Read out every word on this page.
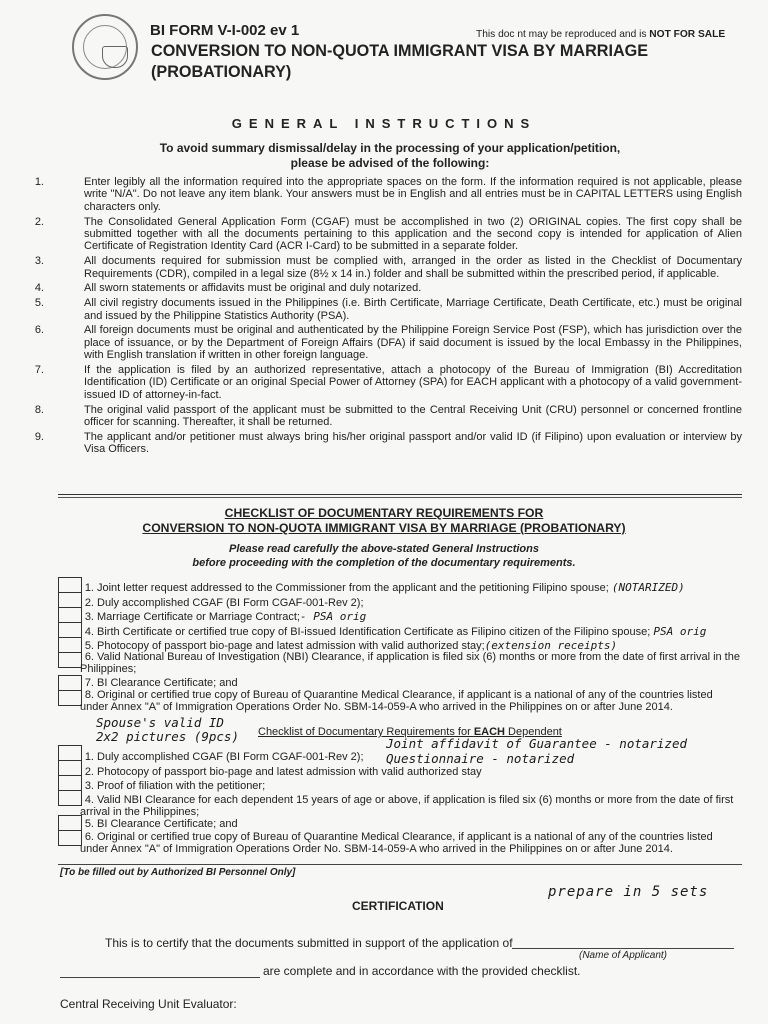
BI FORM V-I-002 ev 1	This doc nt may be reproduced and is NOT FOR SALE
CONVERSION TO NON-QUOTA IMMIGRANT VISA BY MARRIAGE
(PROBATIONARY)
GENERAL INSTRUCTIONS
To avoid summary dismissal/delay in the processing of your application/petition,
please be advised of the following:
1.	Enter legibly all the information required into the appropriate spaces on the form. If the information required is not applicable, please write "N/A". Do not leave any item blank. Your answers must be in English and all entries must be in CAPITAL LETTERS using English characters only.
2.	The Consolidated General Application Form (CGAF) must be accomplished in two (2) ORIGINAL copies. The first copy shall be submitted together with all the documents pertaining to this application and the second copy is intended for application of Alien Certificate of Registration Identity Card (ACR I-Card) to be submitted in a separate folder.
3.	All documents required for submission must be complied with, arranged in the order as listed in the Checklist of Documentary Requirements (CDR), compiled in a legal size (8½ x 14 in.) folder and shall be submitted within the prescribed period, if applicable.
4.	All sworn statements or affidavits must be original and duly notarized.
5.	All civil registry documents issued in the Philippines (i.e. Birth Certificate, Marriage Certificate, Death Certificate, etc.) must be original and issued by the Philippine Statistics Authority (PSA).
6.	All foreign documents must be original and authenticated by the Philippine Foreign Service Post (FSP), which has jurisdiction over the place of issuance, or by the Department of Foreign Affairs (DFA) if said document is issued by the local Embassy in the Philippines, with English translation if written in other foreign language.
7.	If the application is filed by an authorized representative, attach a photocopy of the Bureau of Immigration (BI) Accreditation Identification (ID) Certificate or an original Special Power of Attorney (SPA) for EACH applicant with a photocopy of a valid government-issued ID of attorney-in-fact.
8.	The original valid passport of the applicant must be submitted to the Central Receiving Unit (CRU) personnel or concerned frontline officer for scanning. Thereafter, it shall be returned.
9.	The applicant and/or petitioner must always bring his/her original passport and/or valid ID (if Filipino) upon evaluation or interview by Visa Officers.
CHECKLIST OF DOCUMENTARY REQUIREMENTS FOR
CONVERSION TO NON-QUOTA IMMIGRANT VISA BY MARRIAGE (PROBATIONARY)
Please read carefully the above-stated General Instructions
before proceeding with the completion of the documentary requirements.
1. Joint letter request addressed to the Commissioner from the applicant and the petitioning Filipino spouse; (NOTARIZED)
2. Duly accomplished CGAF (BI Form CGAF-001-Rev 2);
3. Marriage Certificate or Marriage Contract;- PSA orig
4. Birth Certificate or certified true copy of BI-issued Identification Certificate as Filipino citizen of the Filipino spouse; PSA orig
5. Photocopy of passport bio-page and latest admission with valid authorized stay;(extension receipts)
6. Valid National Bureau of Investigation (NBI) Clearance, if application is filed six (6) months or more from the date of first arrival in the Philippines;
7. BI Clearance Certificate; and
8. Original or certified true copy of Bureau of Quarantine Medical Clearance, if applicant is a national of any of the countries listed under Annex "A" of Immigration Operations Order No. SBM-14-059-A who arrived in the Philippines on or after June 2014.
Spouse's valid ID
2x2 pictures (9pcs) Checklist of Documentary Requirements for EACH Dependent
Joint affidavit of Guarantee - notarized
1. Duly accomplished CGAF (BI Form CGAF-001-Rev 2);	Questionnaire - notarized
2. Photocopy of passport bio-page and latest admission with valid authorized stay
3. Proof of filiation with the petitioner;
4. Valid NBI Clearance for each dependent 15 years of age or above, if application is filed six (6) months or more from the date of first arrival in the Philippines;
5. BI Clearance Certificate; and
6. Original or certified true copy of Bureau of Quarantine Medical Clearance, if applicant is a national of any of the countries listed under Annex "A" of Immigration Operations Order No. SBM-14-059-A who arrived in the Philippines on or after June 2014.
[To be filled out by Authorized BI Personnel Only]
prepare in 5 sets
CERTIFICATION
This is to certify that the documents submitted in support of the application of
(Name of Applicant)
are complete and in accordance with the provided checklist.
Central Receiving Unit Evaluator:
